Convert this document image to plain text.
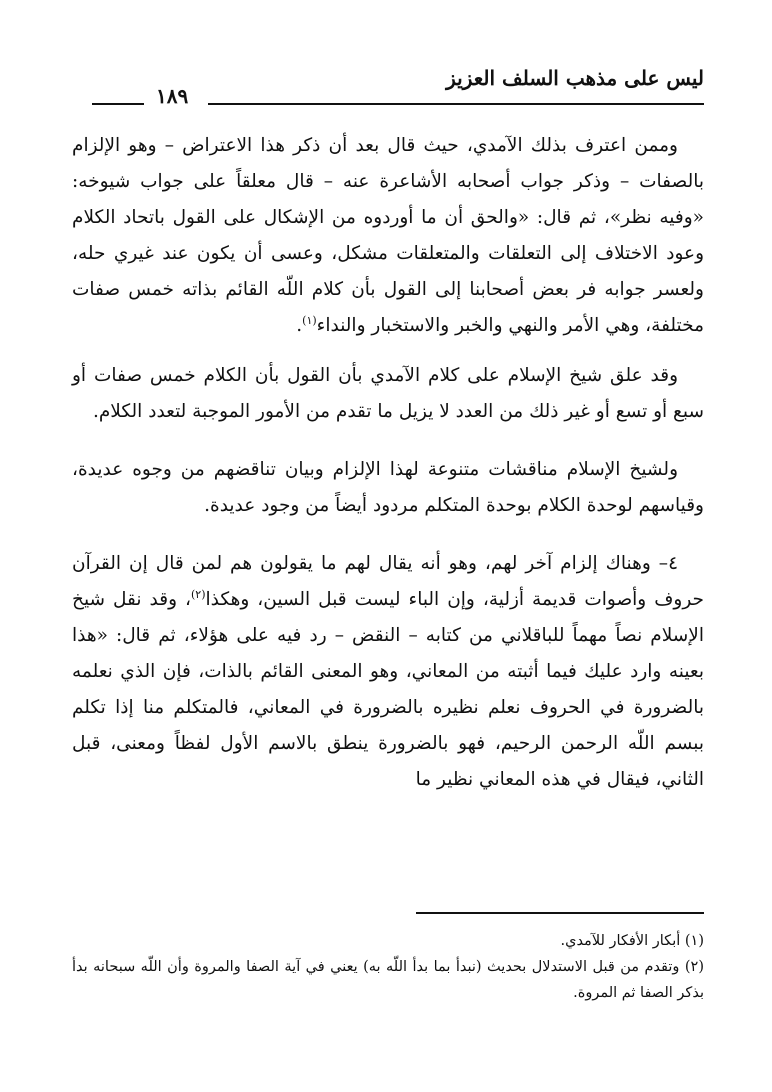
ليس على مذهب السلف العزيز
١٨٩

وممن اعترف بذلك الآمدي، حيث قال بعد أن ذكر هذا الاعتراض – وهو الإلزام بالصفات – وذكر جواب أصحابه الأشاعرة عنه – قال معلقاً على جواب شيوخه: «وفيه نظر»، ثم قال: «والحق أن ما أوردوه من الإشكال على القول باتحاد الكلام وعود الاختلاف إلى التعلقات والمتعلقات مشكل، وعسى أن يكون عند غيري حله، ولعسر جوابه فر بعض أصحابنا إلى القول بأن كلام اللّه القائم بذاته خمس صفات مختلفة، وهي الأمر والنهي والخبر والاستخبار والنداء$^{(١)}$.

وقد علق شيخ الإسلام على كلام الآمدي بأن القول بأن الكلام خمس صفات أو سبع أو تسع أو غير ذلك من العدد لا يزيل ما تقدم من الأمور الموجبة لتعدد الكلام.

ولشيخ الإسلام مناقشات متنوعة لهذا الإلزام وبيان تناقضهم من وجوه عديدة، وقياسهم لوحدة الكلام بوحدة المتكلم مردود أيضاً من وجود عديدة.

٤– وهناك إلزام آخر لهم، وهو أنه يقال لهم ما يقولون هم لمن قال إن القرآن حروف وأصوات قديمة أزلية، وإن الباء ليست قبل السين، وهكذا$^{(٢)}$، وقد نقل شيخ الإسلام نصاً مهماً للباقلاني من كتابه – النقض – رد فيه على هؤلاء، ثم قال: «هذا بعينه وارد عليك فيما أثبته من المعاني، وهو المعنى القائم بالذات، فإن الذي نعلمه بالضرورة في الحروف نعلم نظيره بالضرورة في المعاني، فالمتكلم منا إذا تكلم ببسم اللّه الرحمن الرحيم، فهو بالضرورة ينطق بالاسم الأول لفظاً ومعنى، قبل الثاني، فيقال في هذه المعاني نظير ما

(١) أبكار الأفكار للآمدي.

(٢) وتقدم من قبل الاستدلال بحديث (نبدأ بما بدأ اللّه به) يعني في آية الصفا والمروة وأن اللّه سبحانه بدأ بذكر الصفا ثم المروة.
